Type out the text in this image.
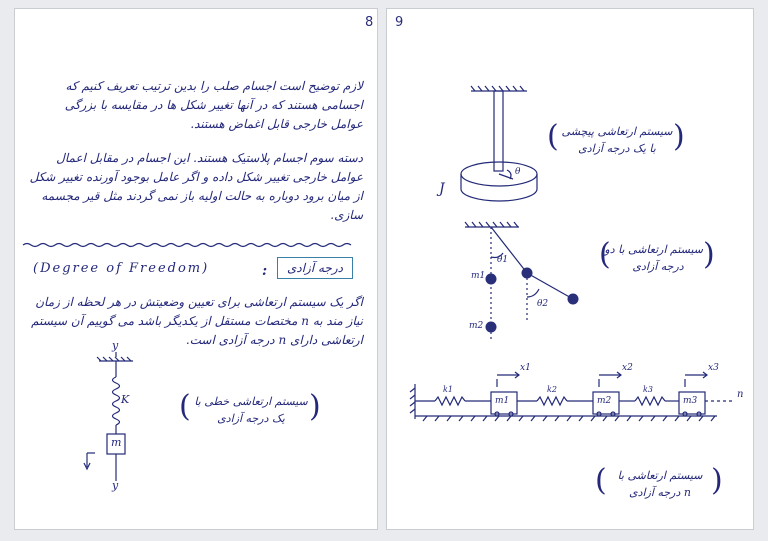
8
لازم توضیح است اجسام صلب را بدین ترتیب تعریف کنیم که اجسامی هستند که در آنها تغییر شکل ها در مقایسه با بزرگی عوامل خارجی قابل اغماض هستند.
دسته سوم اجسام پلاستیک هستند. این اجسام در مقابل اعمال عوامل خارجی تغییر شکل داده و اگر عامل بوجود آورنده تغییر شکل از میان برود دوباره به حالت اولیه باز نمی گردند مثل قیر مجسمه سازی.
(Degree of Freedom)	:	درجه آزادی
اگر یک سیستم ارتعاشی برای تعیین وضعیتش در هر لحظه از زمان نیاز مند به n مختصات مستقل از یکدیگر باشد می گوییم آن سیستم ارتعاشی دارای n درجه آزادی است.
y
K
m
y
(	)
سیستم ارتعاشی خطی با
یک درجه آزادی
9
J
θ
(	)
سیستم ارتعاشی پیچشی
با یک درجه آزادی
θ1
θ2
m1
m2
(	)
سیستم ارتعاشی با دو
درجه آزادی
k1	k2	k3
x1	x2	x3
m1	m2	m3
n
(	)
سیستم ارتعاشی با
n درجه آزادی
